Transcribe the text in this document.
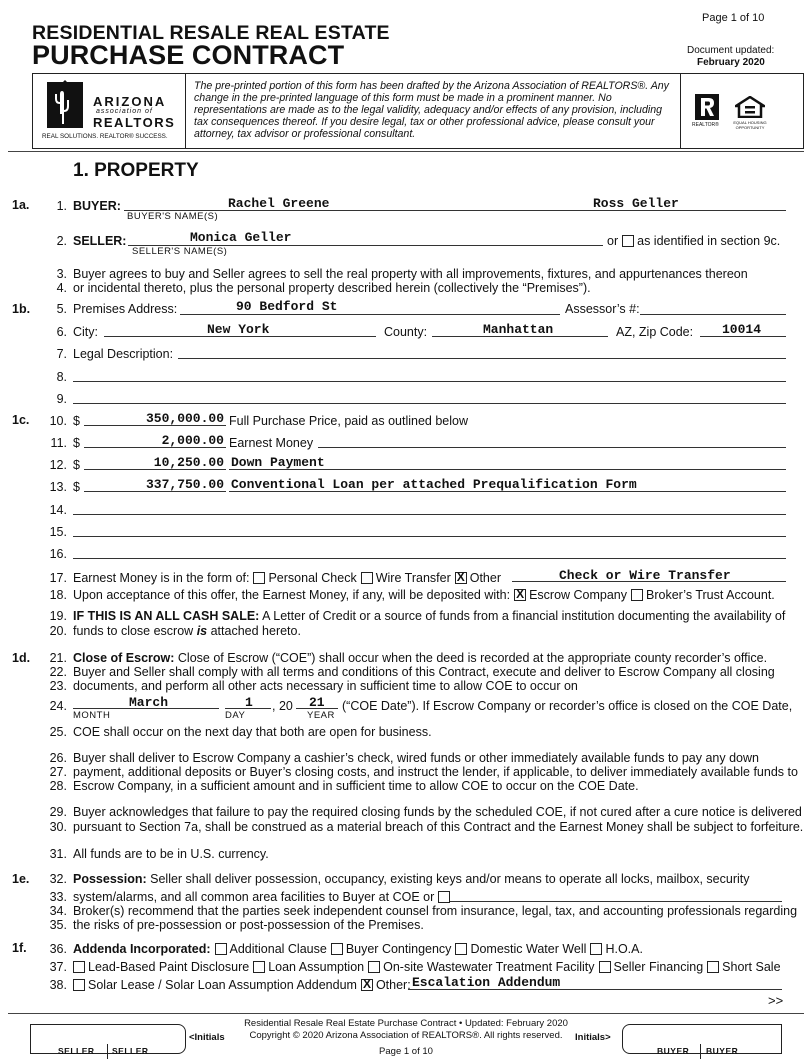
Page 1 of 10
RESIDENTIAL RESALE REAL ESTATE
PURCHASE CONTRACT	Document updated:
February 2020
ARIZONA
association of
REALTORS
REAL SOLUTIONS. REALTOR® SUCCESS.
The pre-printed portion of this form has been drafted by the Arizona Association of REALTORS®. Any change in the pre-printed language of this form must be made in a prominent manner. No representations are made as to the legal validity, adequacy and/or effects of any provision, including tax consequences thereof. If you desire legal, tax or other professional advice, please consult your attorney, tax advisor or professional consultant.
REALTOR®	EQUAL HOUSING OPPORTUNITY
1. PROPERTY
1a.
1b.
1c.
1d.
1e.
1f.
1.
2.
3.
4.
5.
6.
7.
8.
9.
10.
11.
12.
13.
14.
15.
16.
17.
18.
19.
20.
21.
22.
23.
24.
25.
26.
27.
28.
29.
30.
31.
32.
33.
34.
35.
36.
37.
38.
BUYER:	Rachel Greene	Ross Geller
BUYER'S NAME(S)
SELLER:	Monica Geller
SELLER'S NAME(S)
or as identified in section 9c.
Buyer agrees to buy and Seller agrees to sell the real property with all improvements, fixtures, and appurtenances thereon
or incidental thereto, plus the personal property described herein (collectively the “Premises”).
Premises Address:	90 Bedford St	Assessor’s #:
City:	New York	County:	Manhattan	AZ, Zip Code: 10014
Legal Description:
$	350,000.00 Full Purchase Price, paid as outlined below
$	2,000.00 Earnest Money
$	10,250.00 Down Payment
$	337,750.00 Conventional Loan per attached Prequalification Form
Earnest Money is in the form of: Personal Check Wire Transfer X Other	Check or Wire Transfer
Upon acceptance of this offer, the Earnest Money, if any, will be deposited with: X Escrow Company Broker’s Trust Account.
IF THIS IS AN ALL CASH SALE: A Letter of Credit or a source of funds from a financial institution documenting the availability of
funds to close escrow is attached hereto.
Close of Escrow: Close of Escrow (“COE”) shall occur when the deed is recorded at the appropriate county recorder’s office.
Buyer and Seller shall comply with all terms and conditions of this Contract, execute and deliver to Escrow Company all closing
documents, and perform all other acts necessary in sufficient time to allow COE to occur on
March
MONTH
1
DAY
, 20 21
YEAR
(“COE Date”). If Escrow Company or recorder’s office is closed on the COE Date,
COE shall occur on the next day that both are open for business.
Buyer shall deliver to Escrow Company a cashier’s check, wired funds or other immediately available funds to pay any down
payment, additional deposits or Buyer’s closing costs, and instruct the lender, if applicable, to deliver immediately available funds to
Escrow Company, in a sufficient amount and in sufficient time to allow COE to occur on the COE Date.
Buyer acknowledges that failure to pay the required closing funds by the scheduled COE, if not cured after a cure notice is delivered
pursuant to Section 7a, shall be construed as a material breach of this Contract and the Earnest Money shall be subject to forfeiture.
All funds are to be in U.S. currency.
Possession: Seller shall deliver possession, occupancy, existing keys and/or means to operate all locks, mailbox, security
system/alarms, and all common area facilities to Buyer at COE or
Broker(s) recommend that the parties seek independent counsel from insurance, legal, tax, and accounting professionals regarding
the risks of pre-possession or post-possession of the Premises.
Addenda Incorporated: Additional Clause Buyer Contingency Domestic Water Well H.O.A.
Lead-Based Paint Disclosure Loan Assumption On-site Wastewater Treatment Facility Seller Financing Short Sale
Solar Lease / Solar Loan Assumption Addendum X Other: Escalation Addendum
>>
Residential Resale Real Estate Purchase Contract • Updated: February 2020
Copyright © 2020 Arizona Association of REALTORS®. All rights reserved.
Page 1 of 10
SELLER SELLER
<Initials	Initials>
BUYER BUYER
